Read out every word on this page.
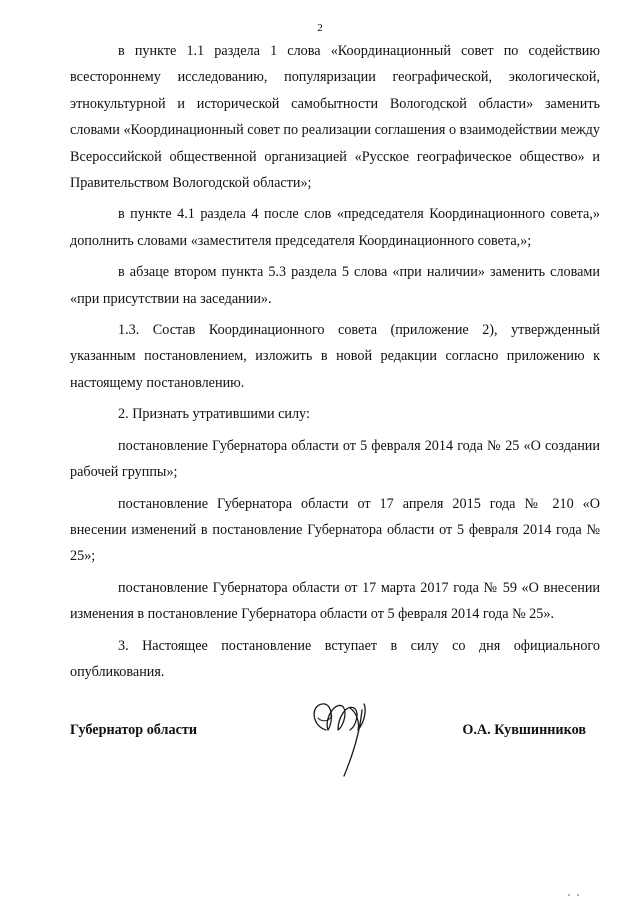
2

в пункте 1.1 раздела 1 слова «Координационный совет по содействию всестороннему исследованию, популяризации географической, экологической, этнокультурной и исторической самобытности Вологодской области» заменить словами «Координационный совет по реализации соглашения о взаимодействии между Всероссийской общественной организацией «Русское географическое общество» и Правительством Вологодской области»;

в пункте 4.1 раздела 4 после слов «председателя Координационного совета,» дополнить словами «заместителя председателя Координационного совета,»;

в абзаце втором пункта 5.3 раздела 5 слова «при наличии» заменить словами «при присутствии на заседании».

1.3. Состав Координационного совета (приложение 2), утвержденный указанным постановлением, изложить в новой редакции согласно приложению к настоящему постановлению.

2. Признать утратившими силу:

постановление Губернатора области от 5 февраля 2014 года № 25 «О создании рабочей группы»;

постановление Губернатора области от 17 апреля 2015 года № 210 «О внесении изменений в постановление Губернатора области от 5 февраля 2014 года № 25»;

постановление Губернатора области от 17 марта 2017 года № 59 «О внесении изменения в постановление Губернатора области от 5 февраля 2014 года № 25».

3. Настоящее постановление вступает в силу со дня официального опубликования.

Губернатор области	О.А. Кувшинников
